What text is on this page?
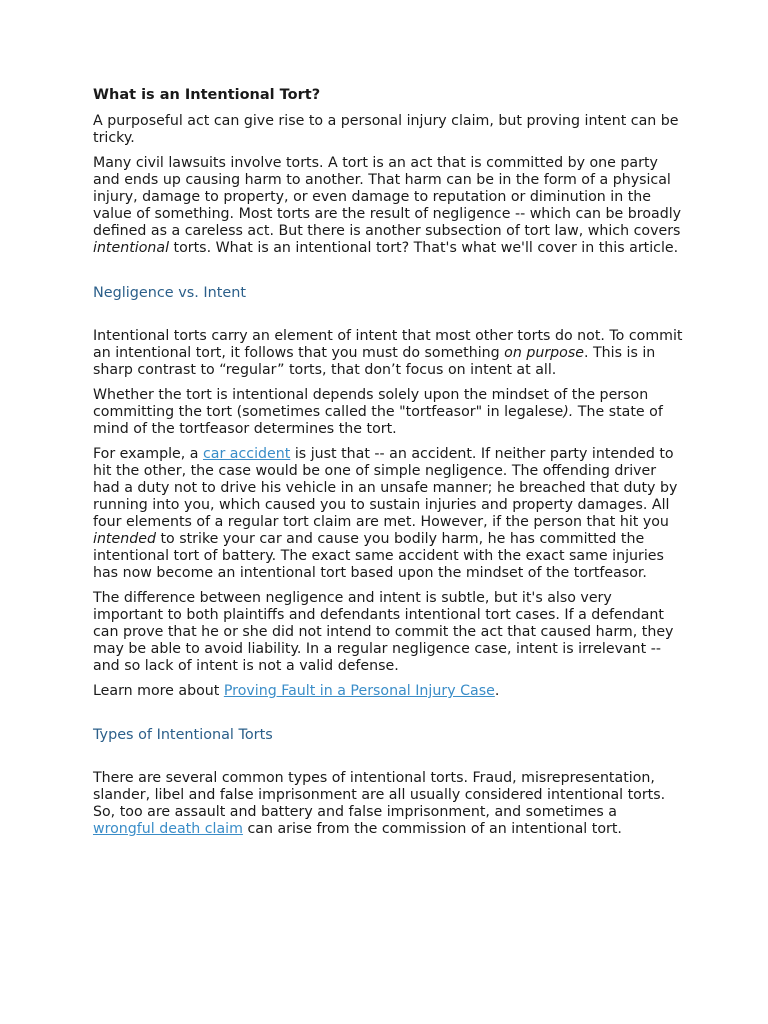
What is an Intentional Tort?

A purposeful act can give rise to a personal injury claim, but proving intent can be tricky.

Many civil lawsuits involve torts. A tort is an act that is committed by one party and ends up causing harm to another. That harm can be in the form of a physical injury, damage to property, or even damage to reputation or diminution in the value of something. Most torts are the result of negligence -- which can be broadly defined as a careless act. But there is another subsection of tort law, which covers intentional torts. What is an intentional tort? That's what we'll cover in this article.

Negligence vs. Intent

Intentional torts carry an element of intent that most other torts do not. To commit an intentional tort, it follows that you must do something on purpose. This is in sharp contrast to “regular” torts, that don’t focus on intent at all.

Whether the tort is intentional depends solely upon the mindset of the person committing the tort (sometimes called the "tortfeasor" in legalese). The state of mind of the tortfeasor determines the tort.

For example, a car accident is just that -- an accident. If neither party intended to hit the other, the case would be one of simple negligence. The offending driver had a duty not to drive his vehicle in an unsafe manner; he breached that duty by running into you, which caused you to sustain injuries and property damages. All four elements of a regular tort claim are met. However, if the person that hit you intended to strike your car and cause you bodily harm, he has committed the intentional tort of battery. The exact same accident with the exact same injuries has now become an intentional tort based upon the mindset of the tortfeasor.

The difference between negligence and intent is subtle, but it's also very important to both plaintiffs and defendants intentional tort cases. If a defendant can prove that he or she did not intend to commit the act that caused harm, they may be able to avoid liability. In a regular negligence case, intent is irrelevant -- and so lack of intent is not a valid defense.

Learn more about Proving Fault in a Personal Injury Case.

Types of Intentional Torts

There are several common types of intentional torts. Fraud, misrepresentation, slander, libel and false imprisonment are all usually considered intentional torts. So, too are assault and battery and false imprisonment, and sometimes a wrongful death claim can arise from the commission of an intentional tort.
